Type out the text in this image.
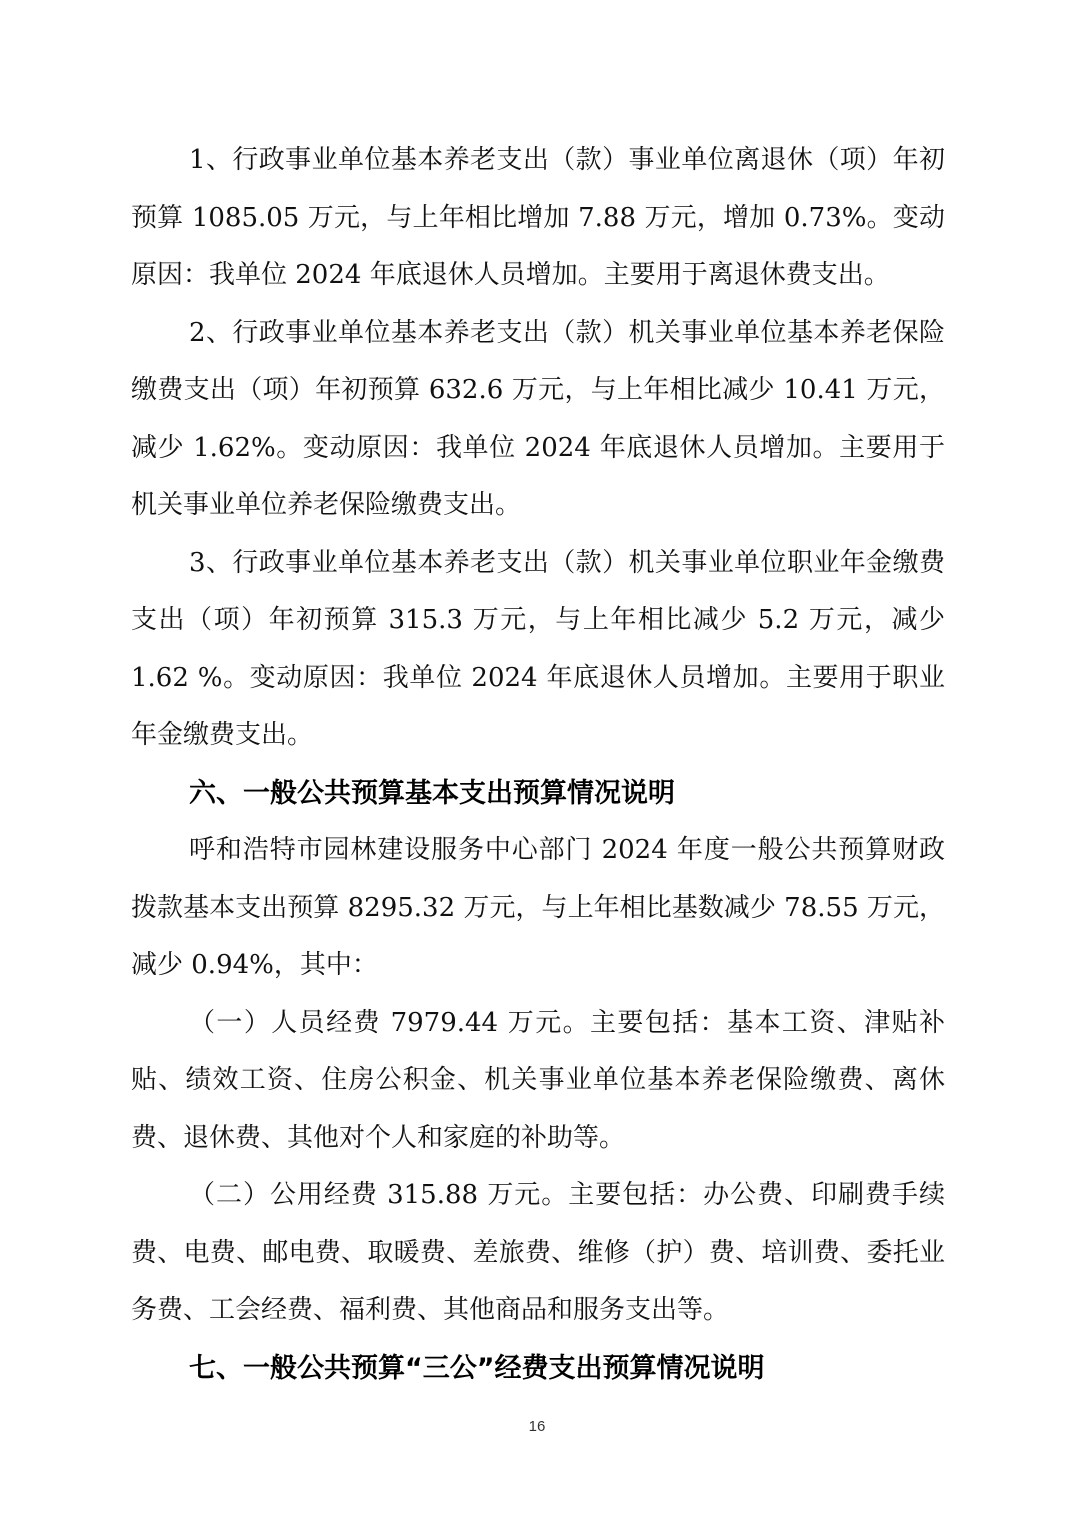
1、行政事业单位基本养老支出（款）事业单位离退休（项）年初预算 1085.05 万元，与上年相比增加 7.88 万元，增加 0.73%。变动原因：我单位 2024 年底退休人员增加。主要用于离退休费支出。

2、行政事业单位基本养老支出（款）机关事业单位基本养老保险缴费支出（项）年初预算 632.6 万元，与上年相比减少 10.41 万元，减少 1.62%。变动原因：我单位 2024 年底退休人员增加。主要用于机关事业单位养老保险缴费支出。

3、行政事业单位基本养老支出（款）机关事业单位职业年金缴费支出（项）年初预算 315.3 万元，与上年相比减少 5.2 万元，减少 1.62 %。变动原因：我单位 2024 年底退休人员增加。主要用于职业年金缴费支出。

六、一般公共预算基本支出预算情况说明

呼和浩特市园林建设服务中心部门 2024 年度一般公共预算财政拨款基本支出预算 8295.32 万元，与上年相比基数减少 78.55 万元，减少 0.94%，其中：

（一）人员经费 7979.44 万元。主要包括：基本工资、津贴补贴、绩效工资、住房公积金、机关事业单位基本养老保险缴费、离休费、退休费、其他对个人和家庭的补助等。

（二）公用经费 315.88 万元。主要包括：办公费、印刷费手续费、电费、邮电费、取暖费、差旅费、维修（护）费、培训费、委托业务费、工会经费、福利费、其他商品和服务支出等。

七、一般公共预算“三公”经费支出预算情况说明

16
